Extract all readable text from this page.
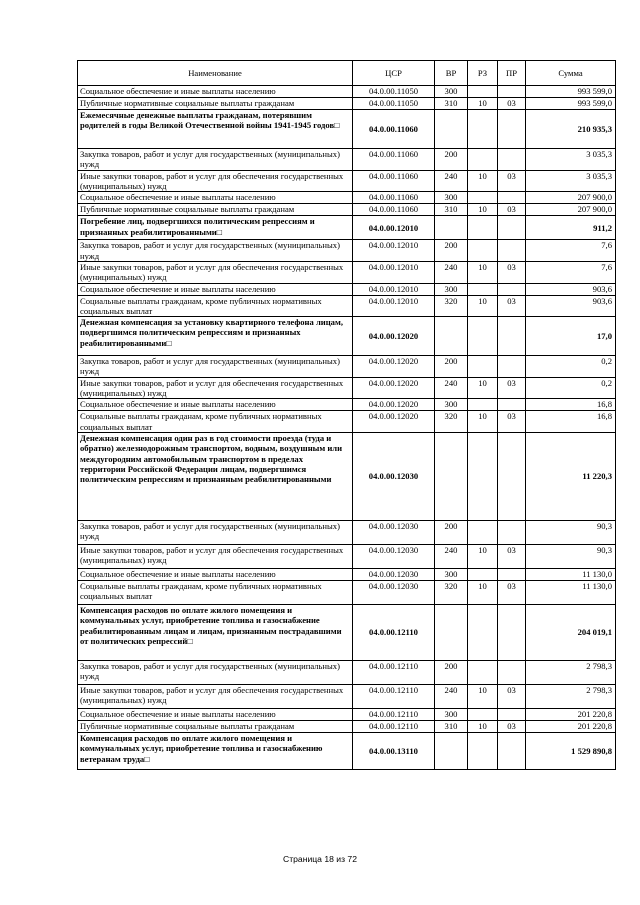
Наименование	ЦСР	ВР	РЗ	ПР	Сумма
Социальное обеспечение и иные выплаты населению	04.0.00.11050	300			993 599,0
Публичные нормативные социальные выплаты гражданам	04.0.00.11050	310	10	03	993 599,0
Ежемесячные денежные выплаты гражданам, потерявшим родителей в годы Великой Отечественной войны 1941-1945 годов□	04.0.00.11060				210 935,3
Закупка товаров, работ и услуг для государственных (муниципальных) нужд	04.0.00.11060	200			3 035,3
Иные закупки товаров, работ и услуг для обеспечения государственных (муниципальных) нужд	04.0.00.11060	240	10	03	3 035,3
Социальное обеспечение и иные выплаты населению	04.0.00.11060	300			207 900,0
Публичные нормативные социальные выплаты гражданам	04.0.00.11060	310	10	03	207 900,0
Погребение лиц, подвергшихся политическим репрессиям и признанных реабилитированными□	04.0.00.12010				911,2
Закупка товаров, работ и услуг для государственных (муниципальных) нужд	04.0.00.12010	200			7,6
Иные закупки товаров, работ и услуг для обеспечения государственных (муниципальных) нужд	04.0.00.12010	240	10	03	7,6
Социальное обеспечение и иные выплаты населению	04.0.00.12010	300			903,6
Социальные выплаты гражданам, кроме публичных нормативных социальных выплат	04.0.00.12010	320	10	03	903,6
Денежная компенсация за установку квартирного телефона лицам, подвергшимся политическим репрессиям и признанных реабилитированными□	04.0.00.12020				17,0
Закупка товаров, работ и услуг для государственных (муниципальных) нужд	04.0.00.12020	200			0,2
Иные закупки товаров, работ и услуг для обеспечения государственных (муниципальных) нужд	04.0.00.12020	240	10	03	0,2
Социальное обеспечение и иные выплаты населению	04.0.00.12020	300			16,8
Социальные выплаты гражданам, кроме публичных нормативных социальных выплат	04.0.00.12020	320	10	03	16,8
Денежная компенсация один раз в год стоимости проезда (туда и обратно) железнодорожным транспортом, водным, воздушным или междугородним автомобильным транспортом в пределах территории Российской Федерации лицам, подвергшимся политическим репрессиям и признанным реабилитированными	04.0.00.12030				11 220,3
Закупка товаров, работ и услуг для государственных (муниципальных) нужд	04.0.00.12030	200			90,3
Иные закупки товаров, работ и услуг для обеспечения государственных (муниципальных) нужд	04.0.00.12030	240	10	03	90,3
Социальное обеспечение и иные выплаты населению	04.0.00.12030	300			11 130,0
Социальные выплаты гражданам, кроме публичных нормативных социальных выплат	04.0.00.12030	320	10	03	11 130,0
Компенсация расходов по оплате жилого помещения и коммунальных услуг, приобретение топлива и газоснабжение реабилитированным лицам и лицам, признанным пострадавшими от политических репрессий□	04.0.00.12110				204 019,1
Закупка товаров, работ и услуг для государственных (муниципальных) нужд	04.0.00.12110	200			2 798,3
Иные закупки товаров, работ и услуг для обеспечения государственных (муниципальных) нужд	04.0.00.12110	240	10	03	2 798,3
Социальное обеспечение и иные выплаты населению	04.0.00.12110	300			201 220,8
Публичные нормативные социальные выплаты гражданам	04.0.00.12110	310	10	03	201 220,8
Компенсация расходов по оплате жилого помещения и коммунальных услуг, приобретение топлива и газоснабжению ветеранам труда□	04.0.00.13110				1 529 890,8
Страница 18 из 72
